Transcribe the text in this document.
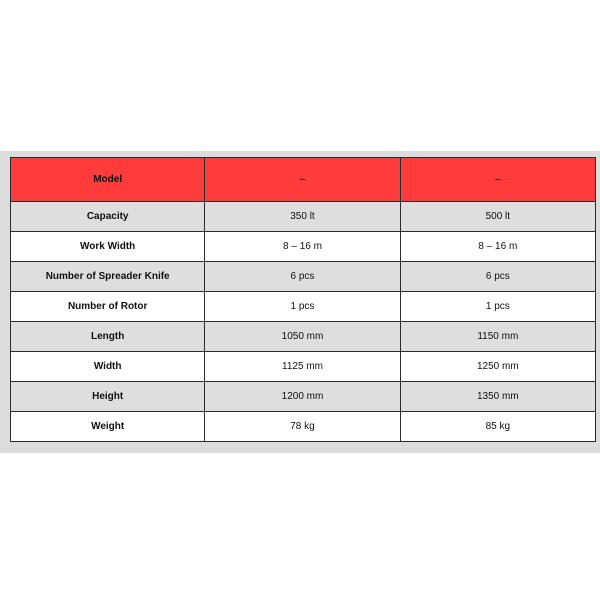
Model	–	–
Capacity	350 lt	500 lt
Work Width	8 – 16 m	8 – 16 m
Number of Spreader Knife	6 pcs	6 pcs
Number of Rotor	1 pcs	1 pcs
Length	1050 mm	1150 mm
Width	1125 mm	1250 mm
Height	1200 mm	1350 mm
Weight	78 kg	85 kg
